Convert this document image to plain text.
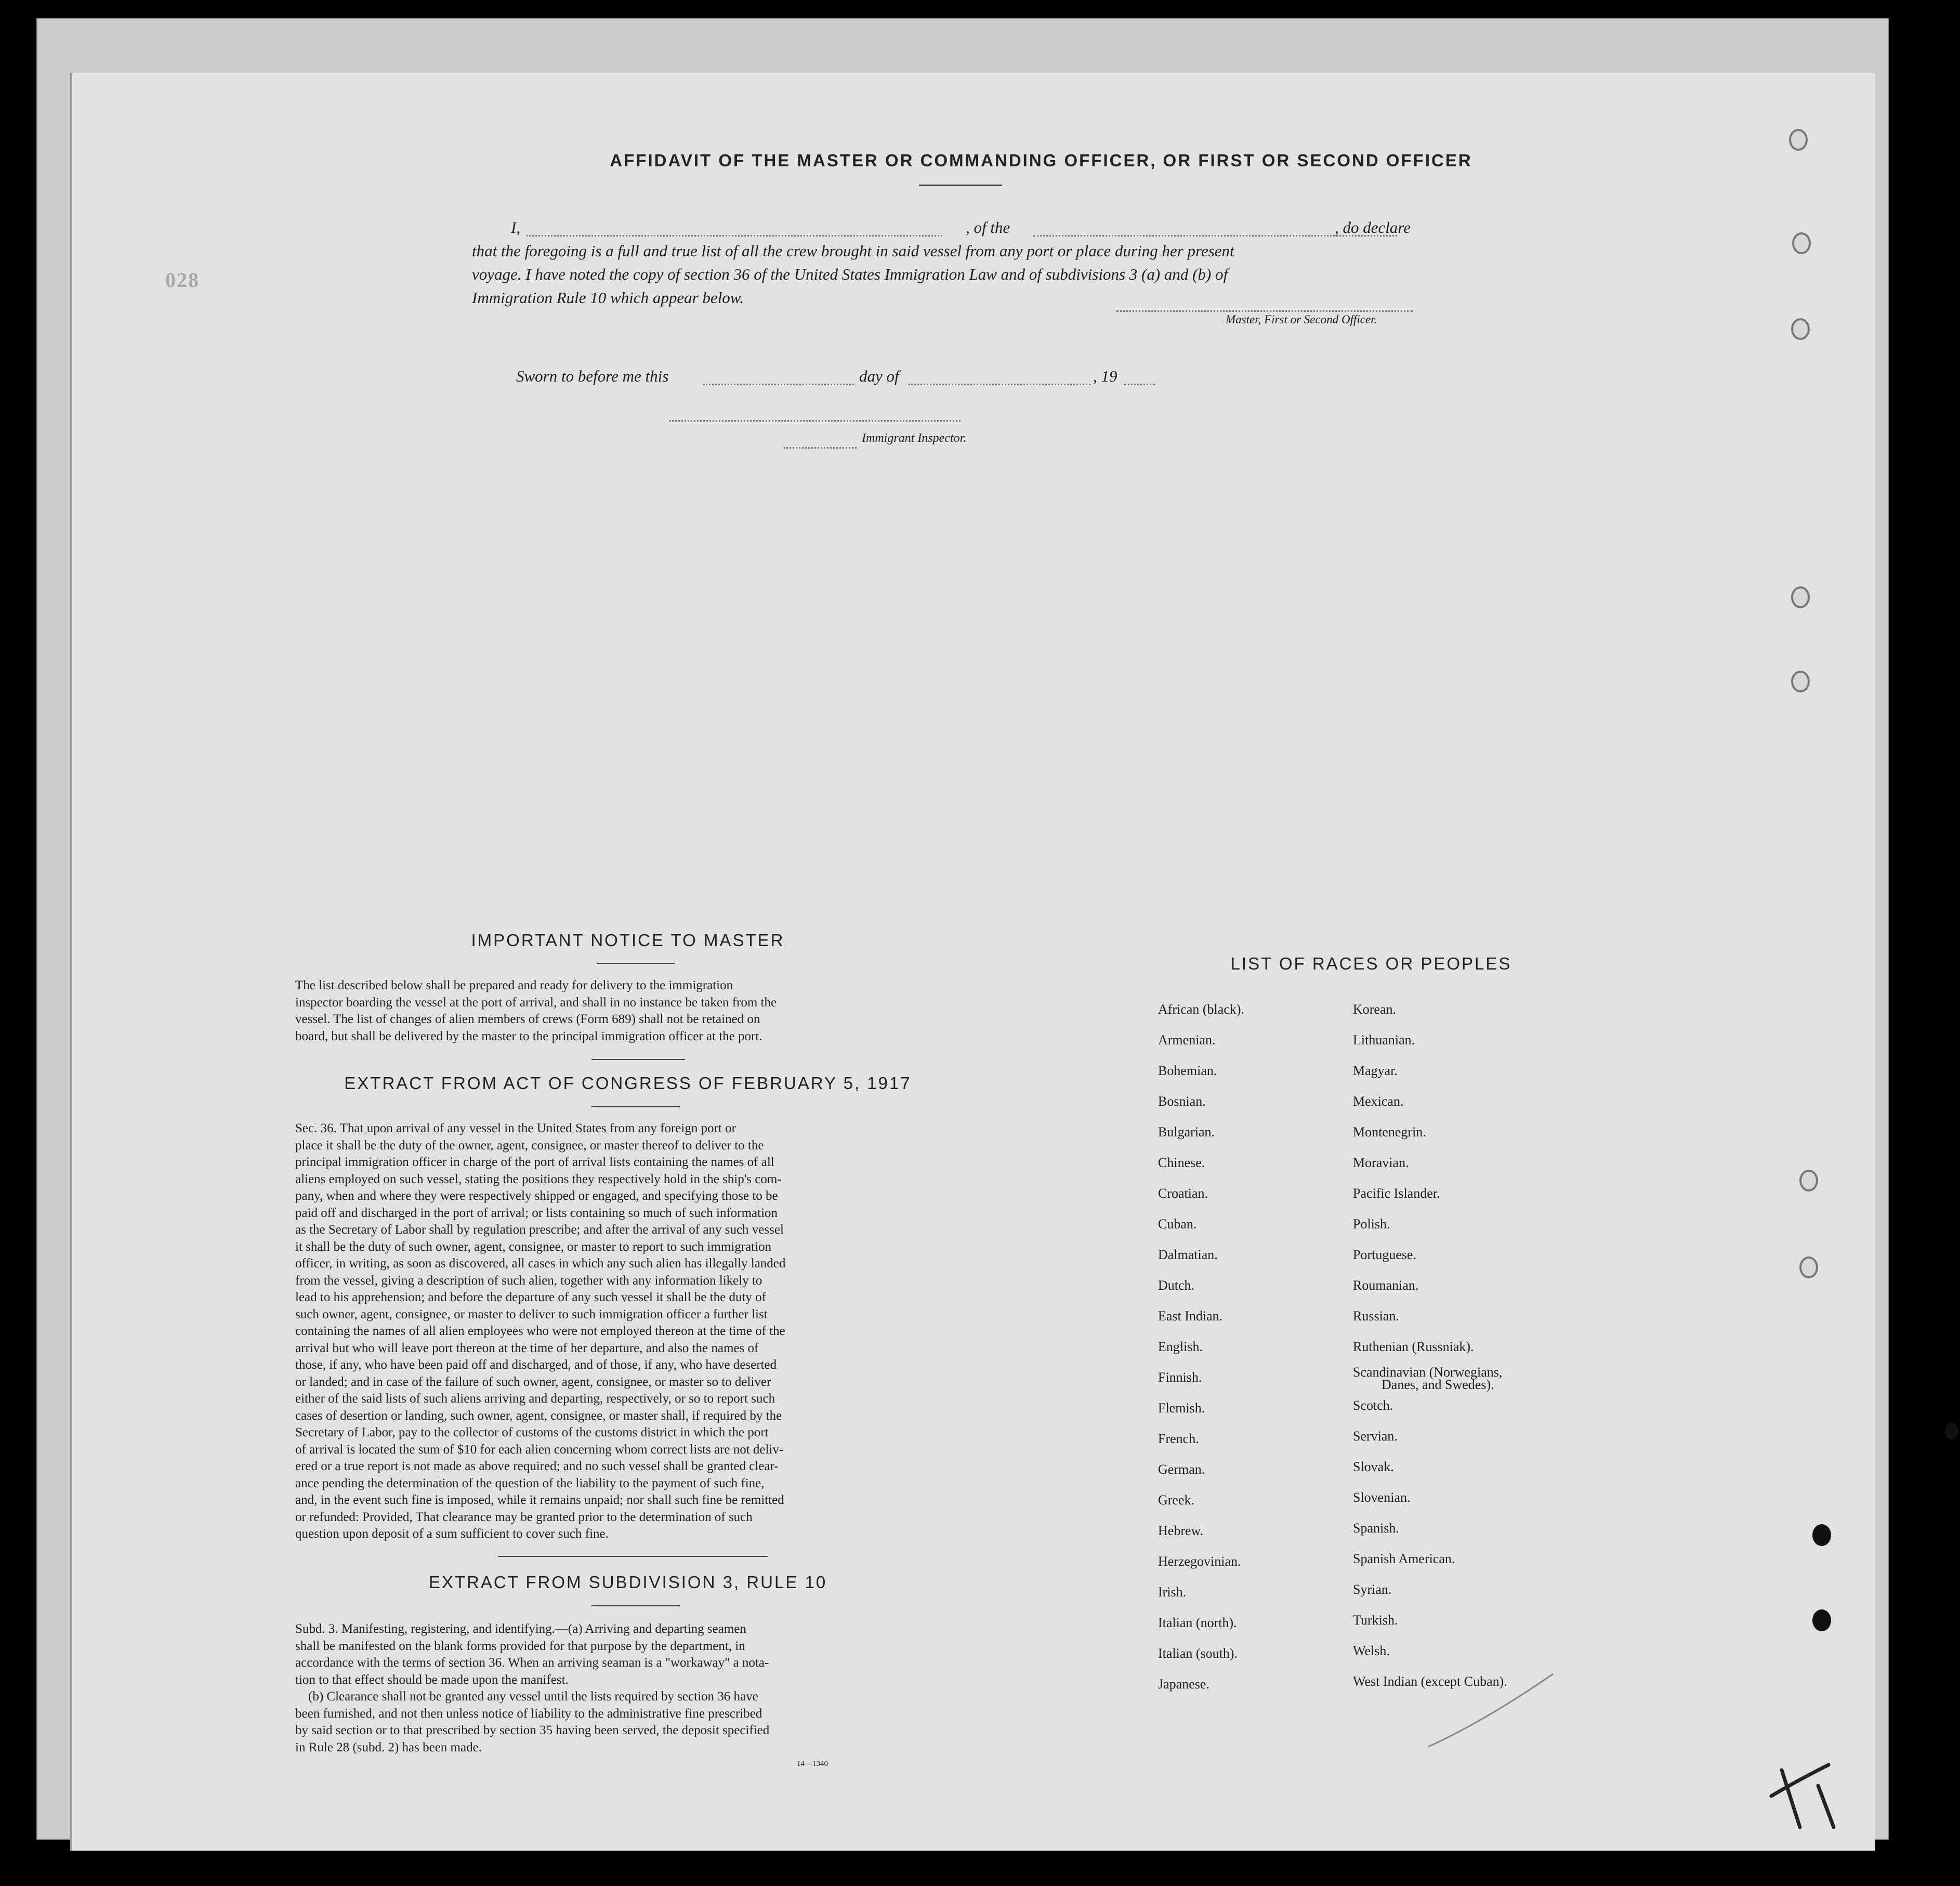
AFFIDAVIT OF THE MASTER OR COMMANDING OFFICER, OR FIRST OR SECOND OFFICER
I,	, of the	, do declare
that the foregoing is a full and true list of all the crew brought in said vessel from any port or place during her present
voyage. I have noted the copy of section 36 of the United States Immigration Law and of subdivisions 3 (a) and (b) of
Immigration Rule 10 which appear below.
Master, First or Second Officer.
Sworn to before me this	day of	, 19
Immigrant Inspector.
028
IMPORTANT NOTICE TO MASTER
The list described below shall be prepared and ready for delivery to the immigration
inspector boarding the vessel at the port of arrival, and shall in no instance be taken from the
vessel. The list of changes of alien members of crews (Form 689) shall not be retained on
board, but shall be delivered by the master to the principal immigration officer at the port.
EXTRACT FROM ACT OF CONGRESS OF FEBRUARY 5, 1917
Sec. 36. That upon arrival of any vessel in the United States from any foreign port or
place it shall be the duty of the owner, agent, consignee, or master thereof to deliver to the
principal immigration officer in charge of the port of arrival lists containing the names of all
aliens employed on such vessel, stating the positions they respectively hold in the ship's com-
pany, when and where they were respectively shipped or engaged, and specifying those to be
paid off and discharged in the port of arrival; or lists containing so much of such information
as the Secretary of Labor shall by regulation prescribe; and after the arrival of any such vessel
it shall be the duty of such owner, agent, consignee, or master to report to such immigration
officer, in writing, as soon as discovered, all cases in which any such alien has illegally landed
from the vessel, giving a description of such alien, together with any information likely to
lead to his apprehension; and before the departure of any such vessel it shall be the duty of
such owner, agent, consignee, or master to deliver to such immigration officer a further list
containing the names of all alien employees who were not employed thereon at the time of the
arrival but who will leave port thereon at the time of her departure, and also the names of
those, if any, who have been paid off and discharged, and of those, if any, who have deserted
or landed; and in case of the failure of such owner, agent, consignee, or master so to deliver
either of the said lists of such aliens arriving and departing, respectively, or so to report such
cases of desertion or landing, such owner, agent, consignee, or master shall, if required by the
Secretary of Labor, pay to the collector of customs of the customs district in which the port
of arrival is located the sum of $10 for each alien concerning whom correct lists are not deliv-
ered or a true report is not made as above required; and no such vessel shall be granted clear-
ance pending the determination of the question of the liability to the payment of such fine,
and, in the event such fine is imposed, while it remains unpaid; nor shall such fine be remitted
or refunded: Provided, That clearance may be granted prior to the determination of such
question upon deposit of a sum sufficient to cover such fine.
EXTRACT FROM SUBDIVISION 3, RULE 10
Subd. 3. Manifesting, registering, and identifying.—(a) Arriving and departing seamen
shall be manifested on the blank forms provided for that purpose by the department, in
accordance with the terms of section 36. When an arriving seaman is a "workaway" a nota-
tion to that effect should be made upon the manifest.
(b) Clearance shall not be granted any vessel until the lists required by section 36 have
been furnished, and not then unless notice of liability to the administrative fine prescribed
by said section or to that prescribed by section 35 having been served, the deposit specified
in Rule 28 (subd. 2) has been made.
14—1340
LIST OF RACES OR PEOPLES
African (black).
Armenian.
Bohemian.
Bosnian.
Bulgarian.
Chinese.
Croatian.
Cuban.
Dalmatian.
Dutch.
East Indian.
English.
Finnish.
Flemish.
French.
German.
Greek.
Hebrew.
Herzegovinian.
Irish.
Italian (north).
Italian (south).
Japanese.
Korean.
Lithuanian.
Magyar.
Mexican.
Montenegrin.
Moravian.
Pacific Islander.
Polish.
Portuguese.
Roumanian.
Russian.
Ruthenian (Russniak).
Scandinavian (Norwegians,
Danes, and Swedes).
Scotch.
Servian.
Slovak.
Slovenian.
Spanish.
Spanish American.
Syrian.
Turkish.
Welsh.
West Indian (except Cuban).
